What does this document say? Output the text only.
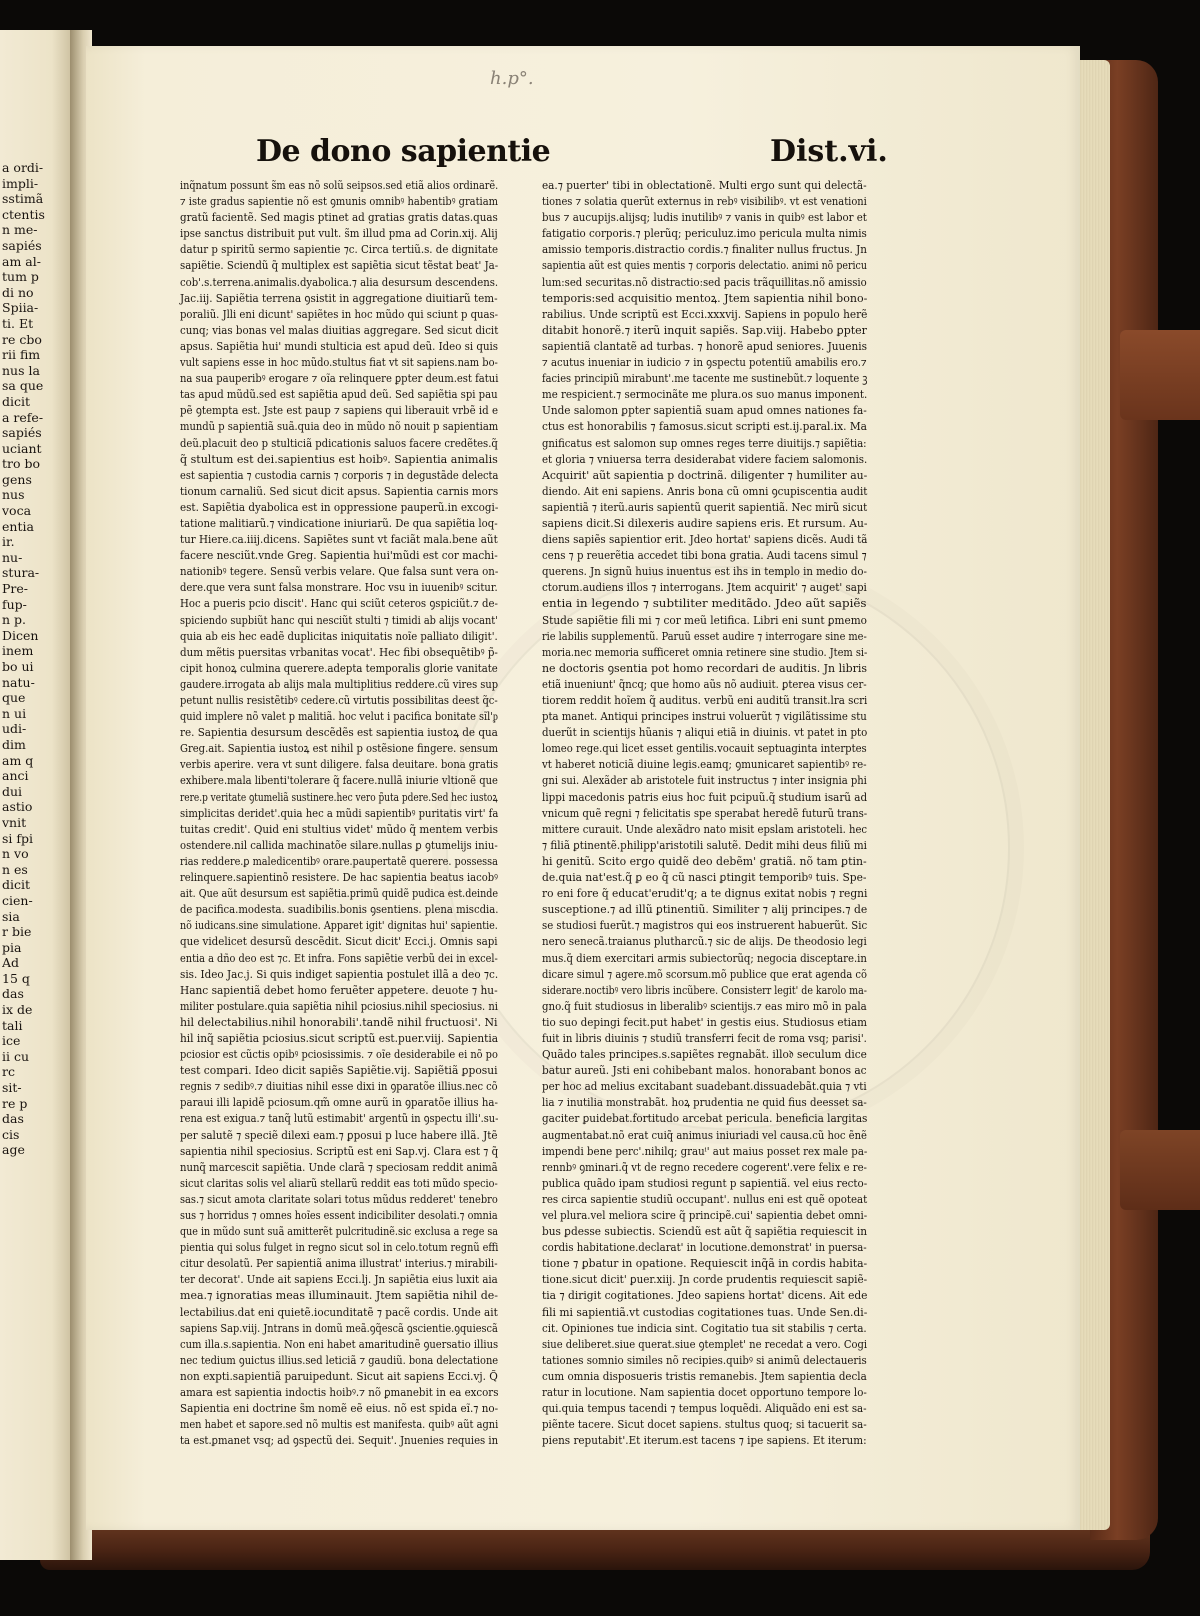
a ordi-
impli-
sstimã
ctentis
n me-
sapiés
am al-
tum p
di no
Spiia-
ti. Et
re cbo
rii fim
nus la
sa que
dicit
a refe-
sapiés
uciant
tro bo
gens
nus
voca
entia
ir.
nu-
stura-
Pre-
fup-
n p.
Dicen
inem
bo ui
natu-
que
n ui
udi-
dim
am q
anci
dui
astio
vnit
si fpi
n vo
n es
dicit
cien-
sia
r bie
pia
Ad
15 q
das
ix de
tali
ice
ii cu
rc
sit-
re p
das
cis
age
h.p°.
De dono sapientie	Dist.vi.
inq̃natum possunt s̃m eas nõ solũ seipsos.sed etiã alios ordinarẽ.
⁊ iste gradus sapientie nõ est ꝯmunis omnibꝰ habentibꝰ gratiam
gratũ facientẽ. Sed magis ptinet ad gratias gratis datas.quas
ipse sanctus distribuit put vult. s̃m illud pma ad Corin.xij. Alij
datur p spiritũ sermo sapientie ⁊c. Circa tertiũ.s. de dignitate
sapiẽtie. Sciendũ q̃ multiplex est sapiẽtia sicut tẽstat beat' Ja-
cob'.s.terrena.animalis.dyabolica.⁊ alia desursum descendens.
Jac.iij. Sapiẽtia terrena ꝯsistit in aggregatione diuitiarũ tem-
poraliũ. Jlli eni dicunt' sapiẽtes in hoc mũdo qui sciunt p quas-
cunq; vias bonas vel malas diuitias aggregare. Sed sicut dicit
apsus. Sapiẽtia hui' mundi stulticia est apud deũ. Ideo si quis
vult sapiens esse in hoc mũdo.stultus fiat vt sit sapiens.nam bo-
na sua pauperibꝰ erogare ⁊ oĩa relinquere ꝑpter deum.est fatui
tas apud mũdũ.sed est sapiẽtia apud deũ. Sed sapiẽtia spi pau
pẽ ꝯtempta est. Jste est paup ⁊ sapiens qui liberauit vrbẽ id e
mundũ p sapientiã suã.quia deo in mũdo nõ nouit p sapientiam
deũ.placuit deo p stulticiã pdicationis saluos facere credẽtes.q̃
q̃ stultum est dei.sapientius est hoibꝰ. Sapientia animalis
est sapientia ⁊ custodia carnis ⁊ corporis ⁊ in degustãde delecta
tionum carnaliũ. Sed sicut dicit apsus. Sapientia carnis mors
est. Sapiẽtia dyabolica est in oppressione pauperũ.in excogi-
tatione malitiarũ.⁊ vindicatione iniuriarũ. De qua sapiẽtia loq-
tur Hiere.ca.iiij.dicens. Sapiẽtes sunt vt faciãt mala.bene aũt
facere nesciũt.vnde Greg. Sapientia hui'mũdi est cor machi-
nationibꝰ tegere. Sensũ verbis velare. Que falsa sunt vera on-
dere.que vera sunt falsa monstrare. Hoc vsu in iuuenibꝰ scitur.
Hoc a pueris pcio discit'. Hanc qui sciũt ceteros ꝯspiciũt.⁊ de-
spiciendo supbiũt hanc qui nesciũt stulti ⁊ timidi ab alijs vocant'
quia ab eis hec eadẽ duplicitas iniquitatis noĩe palliato diligit'.
dum mẽtis puersitas vrbanitas vocat'. Hec fibi obsequẽtibꝰ p̃-
cipit honoꝝ culmina querere.adepta temporalis glorie vanitate
gaudere.irrogata ab alijs mala multiplitius reddere.cũ vires sup
petunt nullis resistẽtibꝰ cedere.cũ virtutis possibilitas deest q̃c-
quid implere nõ valet p malitiã. hoc velut i pacifica bonitate sĩl'ᵱ
re. Sapientia desursum descẽdẽs est sapientia iustoꝝ de qua
Greg.ait. Sapientia iustoꝝ est nihil p ostẽsione fingere. sensum
verbis aperire. vera vt sunt diligere. falsa deuitare. bona gratis
exhibere.mala libenti'tolerare q̃ facere.nullã iniurie vltionẽ que
rere.p veritate ꝯtumeliã sustinere.hec vero p̃uta pdere.Sed hec iustoꝝ
simplicitas deridet'.quia hec a mũdi sapientibꝰ puritatis virt' fa
tuitas credit'. Quid eni stultius videt' mũdo q̃ mentem verbis
ostendere.nil callida machinatõe silare.nullas ꝑ ꝯtumelijs iniu-
rias reddere.ꝑ maledicentibꝰ orare.paupertatẽ querere. possessa
relinquere.sapientinõ resistere. De hac sapientia beatus iacobꝰ
ait. Que aũt desursum est sapiẽtia.primũ quidẽ pudica est.deinde
de pacifica.modesta. suadibilis.bonis ꝯsentiens. plena miscdia.
nõ iudicans.sine simulatione. Apparet igit' dignitas hui' sapientie.
que videlicet desursũ descẽdit. Sicut dicit' Ecci.j. Omnis sapi
entia a dño deo est ⁊c. Et infra. Fons sapiẽtie verbũ dei in excel-
sis. Ideo Jac.j. Si quis indiget sapientia postulet illã a deo ⁊c.
Hanc sapientiã debet homo feruẽter appetere. deuote ⁊ hu-
militer postulare.quia sapiẽtia nihil pciosius.nihil speciosius. ni
hil delectabilius.nihil honorabili'.tandẽ nihil fructuosi'. Ni
hil inq̃ sapiẽtia pciosius.sicut scriptũ est.puer.viij. Sapientia
pciosior est cũctis opibꝰ pciosissimis. ⁊ oĩe desiderabile ei nõ po
test compari. Ideo dicit sapiẽs Sapiẽtie.vij. Sapiẽtiã ꝑposui
regnis ⁊ sedibꝰ.⁊ diuitias nihil esse dixi in ꝯparatõe illius.nec cõ
paraui illi lapidẽ pciosum.qm̃ omne aurũ in ꝯparatõe illius ha-
rena est exigua.⁊ tanq̃ lutũ estimabit' argentũ in ꝯspectu illi'.su-
per salutẽ ⁊ speciẽ dilexi eam.⁊ ꝑposui p luce habere illã. Jtẽ
sapientia nihil speciosius. Scriptũ est eni Sap.vj. Clara est ⁊ q̃
nunq̃ marcescit sapiẽtia. Unde clarã ⁊ speciosam reddit animã
sicut claritas solis vel aliarũ stellarũ reddit eas toti mũdo specio-
sas.⁊ sicut amota claritate solari totus mũdus redderet' tenebro
sus ⁊ horridus ⁊ omnes hoĩes essent indicibiliter desolati.⁊ omnia
que in mũdo sunt suã amitterẽt pulcritudinẽ.sic exclusa a rege sa
pientia qui solus fulget in regno sicut sol in celo.totum regnũ effi
citur desolatũ. Per sapientiã anima illustrat' interius.⁊ mirabili-
ter decorat'. Unde ait sapiens Ecci.lj. Jn sapiẽtia eius luxit aia
mea.⁊ ignoratias meas illuminauit. Jtem sapiẽtia nihil de-
lectabilius.dat eni quietẽ.iocunditatẽ ⁊ pacẽ cordis. Unde ait
sapiens Sap.viij. Jntrans in domũ meã.ꝯq̃escã ꝯscientie.ꝯquiescã
cum illa.s.sapientia. Non eni habet amaritudinẽ ꝯuersatio illius
nec tedium ꝯuictus illius.sed leticiã ⁊ gaudiũ. bona delectatione
non expti.sapientiã paruipedunt. Sicut ait sapiens Ecci.vj. Q̃
amara est sapientia indoctis hoibꝰ.⁊ nõ ꝑmanebit in ea excors
Sapientia eni doctrine s̃m nomẽ eẽ eius. nõ est spida eĩ.⁊ no-
men habet et sapore.sed nõ multis est manifesta. quibꝰ aũt agni
ta est.ꝑmanet vsq; ad ꝯspectũ dei. Sequit'. Jnuenies requies in
ea.⁊ puerter' tibi in oblectationẽ. Multi ergo sunt qui delectã-
tiones ⁊ solatia querũt externus in rebꝰ visibilibꝰ. vt est venationi
bus ⁊ aucupijs.alijsq; ludis inutilibꝰ ⁊ vanis in quibꝰ est labor et
fatigatio corporis.⁊ plerũq; periculuz.imo pericula multa nimis
amissio temporis.distractio cordis.⁊ finaliter nullus fructus. Jn
sapientia aũt est quies mentis ⁊ corporis delectatio. animi nõ pericu
lum:sed securitas.nõ distractio:sed pacis trãquillitas.nõ amissio
temporis:sed acquisitio mentoꝝ. Jtem sapientia nihil bono-
rabilius. Unde scriptũ est Ecci.xxxvij. Sapiens in populo herẽ
ditabit honorẽ.⁊ iterũ inquit sapiẽs. Sap.viij. Habebo ꝑpter
sapientiã clantatẽ ad turbas. ⁊ honorẽ apud seniores. Juuenis
⁊ acutus inueniar in iudicio ⁊ in ꝯspectu potentiũ amabilis ero.⁊
facies principiũ mirabunt'.me tacente me sustinebũt.⁊ loquente ꝫ
me respicient.⁊ sermocinãte me plura.os suo manus imponent.
Unde salomon ꝑpter sapientiã suam apud omnes nationes fa-
ctus est honorabilis ⁊ famosus.sicut scripti est.ij.paral.ix. Ma
gnificatus est salomon sup omnes reges terre diuitijs.⁊ sapiẽtia:
et gloria ⁊ vniuersa terra desiderabat videre faciem salomonis.
Acquirit' aũt sapientia p doctrinã. diligenter ⁊ humiliter au-
diendo. Ait eni sapiens. Anris bona cũ omni ꝯcupiscentia audit
sapientiã ⁊ iterũ.auris sapientũ querit sapientiã. Nec mirũ sicut
sapiens dicit.Si dilexeris audire sapiens eris. Et rursum. Au-
diens sapiẽs sapientior erit. Jdeo hortat' sapiens dicẽs. Audi tã
cens ⁊ p reuerẽtia accedet tibi bona gratia. Audi tacens simul ⁊
querens. Jn signũ huius inuentus est ihs in templo in medio do-
ctorum.audiens illos ⁊ interrogans. Jtem acquirit' ⁊ auget' sapi
entia in legendo ⁊ subtiliter meditãdo. Jdeo aũt sapiẽs
Stude sapiẽtie fili mi ⁊ cor meũ letifica. Libri eni sunt ꝑmemo
rie labilis supplementũ. Paruũ esset audire ⁊ interrogare sine me-
moria.nec memoria sufficeret omnia retinere sine studio. Jtem si-
ne doctoris ꝯsentia pot homo recordari de auditis. Jn libris
etiã inueniunt' q̃ncq; que homo aũs nõ audiuit. ꝑterea visus cer-
tiorem reddit hoĩem q̃ auditus. verbũ eni auditũ transit.lra scri
pta manet. Antiqui principes instrui voluerũt ⁊ vigilãtissime stu
duerũt in scientijs hũanis ⁊ aliqui etiã in diuinis. vt patet in pto
lomeo rege.qui licet esset gentilis.vocauit septuaginta interptes
vt haberet noticiã diuine legis.eamq; ꝯmunicaret sapientibꝰ re-
gni sui. Alexãder ab aristotele fuit instructus ⁊ inter insignia phi
lippi macedonis patris eius hoc fuit pcipuũ.q̃ studium isarũ ad
vnicum quẽ regni ⁊ felicitatis spe sperabat heredẽ futurũ trans-
mittere curauit. Unde alexãdro nato misit epslam aristoteli. hec
⁊ filiã ꝑtinentẽ.philipp'aristotili salutẽ. Dedit mihi deus filiũ mi
hi genitũ. Scito ergo quidẽ deo debẽm' gratiã. nõ tam ꝑtin-
de.quia nat'est.q̃ ꝑ eo q̃ cũ nasci ꝑtingit temporibꝰ tuis. Spe-
ro eni fore q̃ educat'erudit'q; a te dignus exitat nobis ⁊ regni
susceptione.⁊ ad illũ ꝑtinentiũ. Similiter ⁊ alij principes.⁊ de
se studiosi fuerũt.⁊ magistros qui eos instruerent habuerũt. Sic
nero senecã.traianus plutharcũ.⁊ sic de alijs. De theodosio legi
mus.q̃ diem exercitari armis subiectorũq; negocia disceptare.in
dicare simul ⁊ agere.mõ scorsum.mõ publice que erat agenda cõ
siderare.noctibꝰ vero libris incũbere. Consisterr legit' de karolo ma-
gno.q̃ fuit studiosus in liberalibꝰ scientijs.⁊ eas miro mõ in pala
tio suo depingi fecit.put habet' in gestis eius. Studiosus etiam
fuit in libris diuinis ⁊ studiũ transferri fecit de roma vsq; parisi'.
Quãdo tales principes.s.sapiẽtes regnabãt. illo𝔡 seculum dice
batur aureũ. Jsti eni cohibebant malos. honorabant bonos ac
per hoc ad melius excitabant suadebant.dissuadebãt.quia ⁊ vti
lia ⁊ inutilia monstrabãt. hoꝝ prudentia ne quid fius deesset sa-
gaciter ꝑuidebat.fortitudo arcebat pericula. beneficia largitas
augmentabat.nõ erat cuiq̃ animus iniuriadi vel causa.cũ hoc ẽnẽ
impendi bene perc'.nihilq; grauⁱ' aut maius posset rex male pa-
rennbꝰ ꝯminari.q̃ vt de regno recedere cogerent'.vere felix e re-
publica quãdo ipam studiosi regunt p sapientiã. vel eius recto-
res circa sapientie studiũ occupant'. nullus eni est quẽ opoteat
vel plura.vel meliora scire q̃ principẽ.cui' sapientia debet omni-
bus ꝑdesse subiectis. Sciendũ est aũt q̃ sapiẽtia requiescit in
cordis habitatione.declarat' in locutione.demonstrat' in puersa-
tione ⁊ ꝑbatur in opatione. Requiescit inq̃ã in cordis habita-
tione.sicut dicit' ꝑuer.xiij. Jn corde prudentis requiescit sapiẽ-
tia ⁊ dirigit cogitationes. Jdeo sapiens hortat' dicens. Ait ede
fili mi sapientiã.vt custodias cogitationes tuas. Unde Sen.di-
cit. Opiniones tue indicia sint. Cogitatio tua sit stabilis ⁊ certa.
siue deliberet.siue querat.siue ꝯtemplet' ne recedat a vero. Cogi
tationes somnio similes nõ recipies.quibꝰ si animũ delectaueris
cum omnia disposueris tristis remanebis. Jtem sapientia decla
ratur in locutione. Nam sapientia docet opportuno tempore lo-
qui.quia tempus tacendi ⁊ tempus loquẽdi. Aliquãdo eni est sa-
piẽnte tacere. Sicut docet sapiens. stultus quoq; si tacuerit sa-
piens reputabit'.Et iterum.est tacens ⁊ ipe sapiens. Et iterum:
